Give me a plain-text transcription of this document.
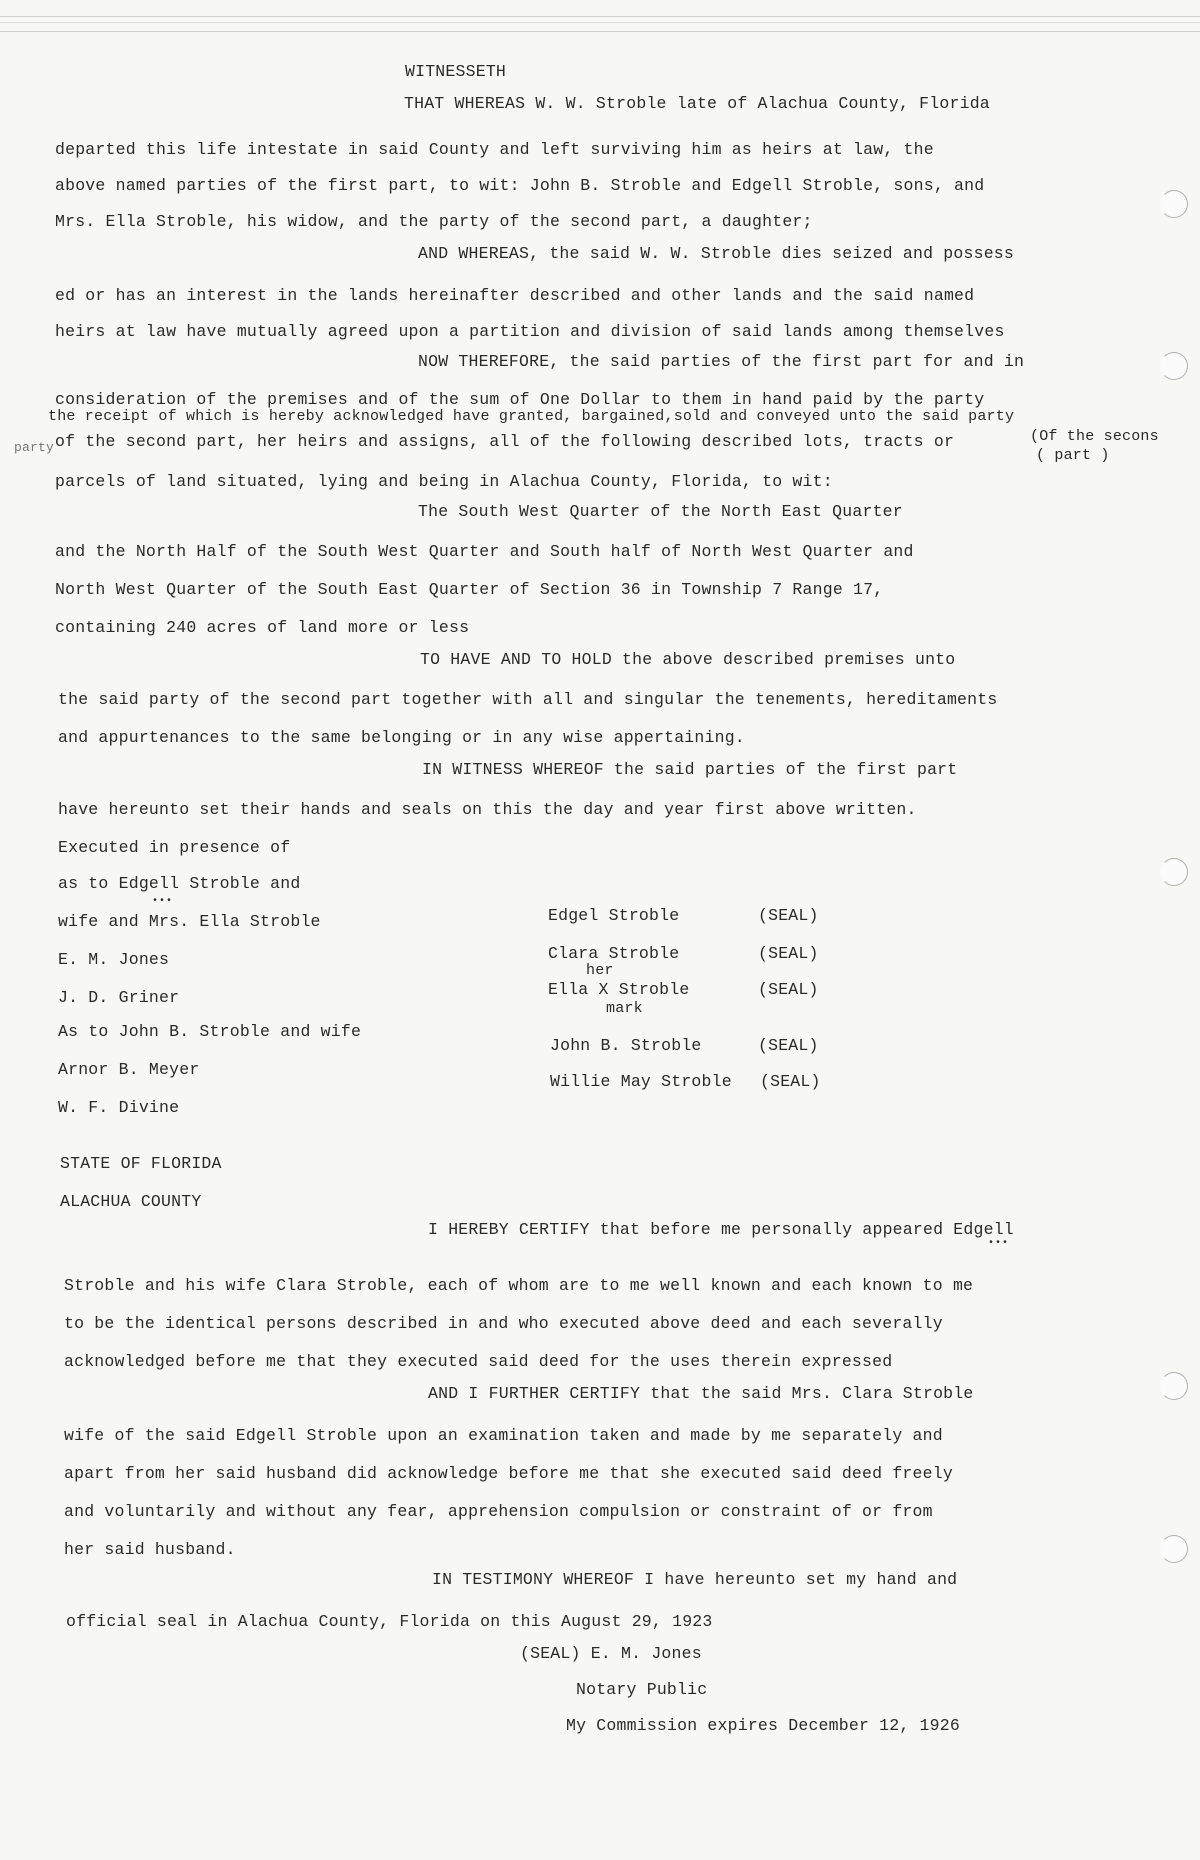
WITNESSETH
THAT WHEREAS W. W. Stroble late of Alachua County, Florida
departed this life intestate in said County and left surviving him as heirs at law, the
above named parties of the first part, to wit: John B. Stroble and Edgell Stroble, sons, and
Mrs. Ella Stroble, his widow, and the party of the second part, a daughter;
AND WHEREAS, the said W. W. Stroble dies seized and possess
ed or has an interest in the lands hereinafter described and other lands and the said named
heirs at law have mutually agreed upon a partition and division of said lands among themselves
NOW THEREFORE, the said parties of the first part for and in
consideration of the premises and of the sum of One Dollar to them in hand paid by the party
the receipt of which is hereby acknowledged have granted, bargained,sold and conveyed unto the said party
party of the second part, her heirs and assigns, all of the following described lots, tracts or	(Of the secons
( part )
parcels of land situated, lying and being in Alachua County, Florida, to wit:
The South West Quarter of the North East Quarter
and the North Half of the South West Quarter and South half of North West Quarter and
North West Quarter of the South East Quarter of Section 36 in Township 7 Range 17,
containing 240 acres of land more or less
TO HAVE AND TO HOLD the above described premises unto
the said party of the second part together with all and singular the tenements, hereditaments
and appurtenances to the same belonging or in any wise appertaining.
IN WITNESS WHEREOF the said parties of the first part
have hereunto set their hands and seals on this the day and year first above written.
Executed in presence of
as to Edgell Stroble and
•••
wife and Mrs. Ella Stroble
E. M. Jones
J. D. Griner
As to John B. Stroble and wife
Arnor B. Meyer
W. F. Divine
Edgel Stroble	(SEAL)
Clara Stroble	(SEAL)
her
Ella X Stroble	(SEAL)
mark
John B. Stroble	(SEAL)
Willie May Stroble (SEAL)
STATE OF FLORIDA
ALACHUA COUNTY
I HEREBY CERTIFY that before me personally appeared Edgell
•••
Stroble and his wife Clara Stroble, each of whom are to me well known and each known to me
to be the identical persons described in and who executed above deed and each severally
acknowledged before me that they executed said deed for the uses therein expressed
AND I FURTHER CERTIFY that the said Mrs. Clara Stroble
wife of the said Edgell Stroble upon an examination taken and made by me separately and
apart from her said husband did acknowledge before me that she executed said deed freely
and voluntarily and without any fear, apprehension compulsion or constraint of or from
her said husband.
IN TESTIMONY WHEREOF I have hereunto set my hand and
official seal in Alachua County, Florida on this August 29, 1923
(SEAL) E. M. Jones
Notary Public
My Commission expires December 12, 1926
